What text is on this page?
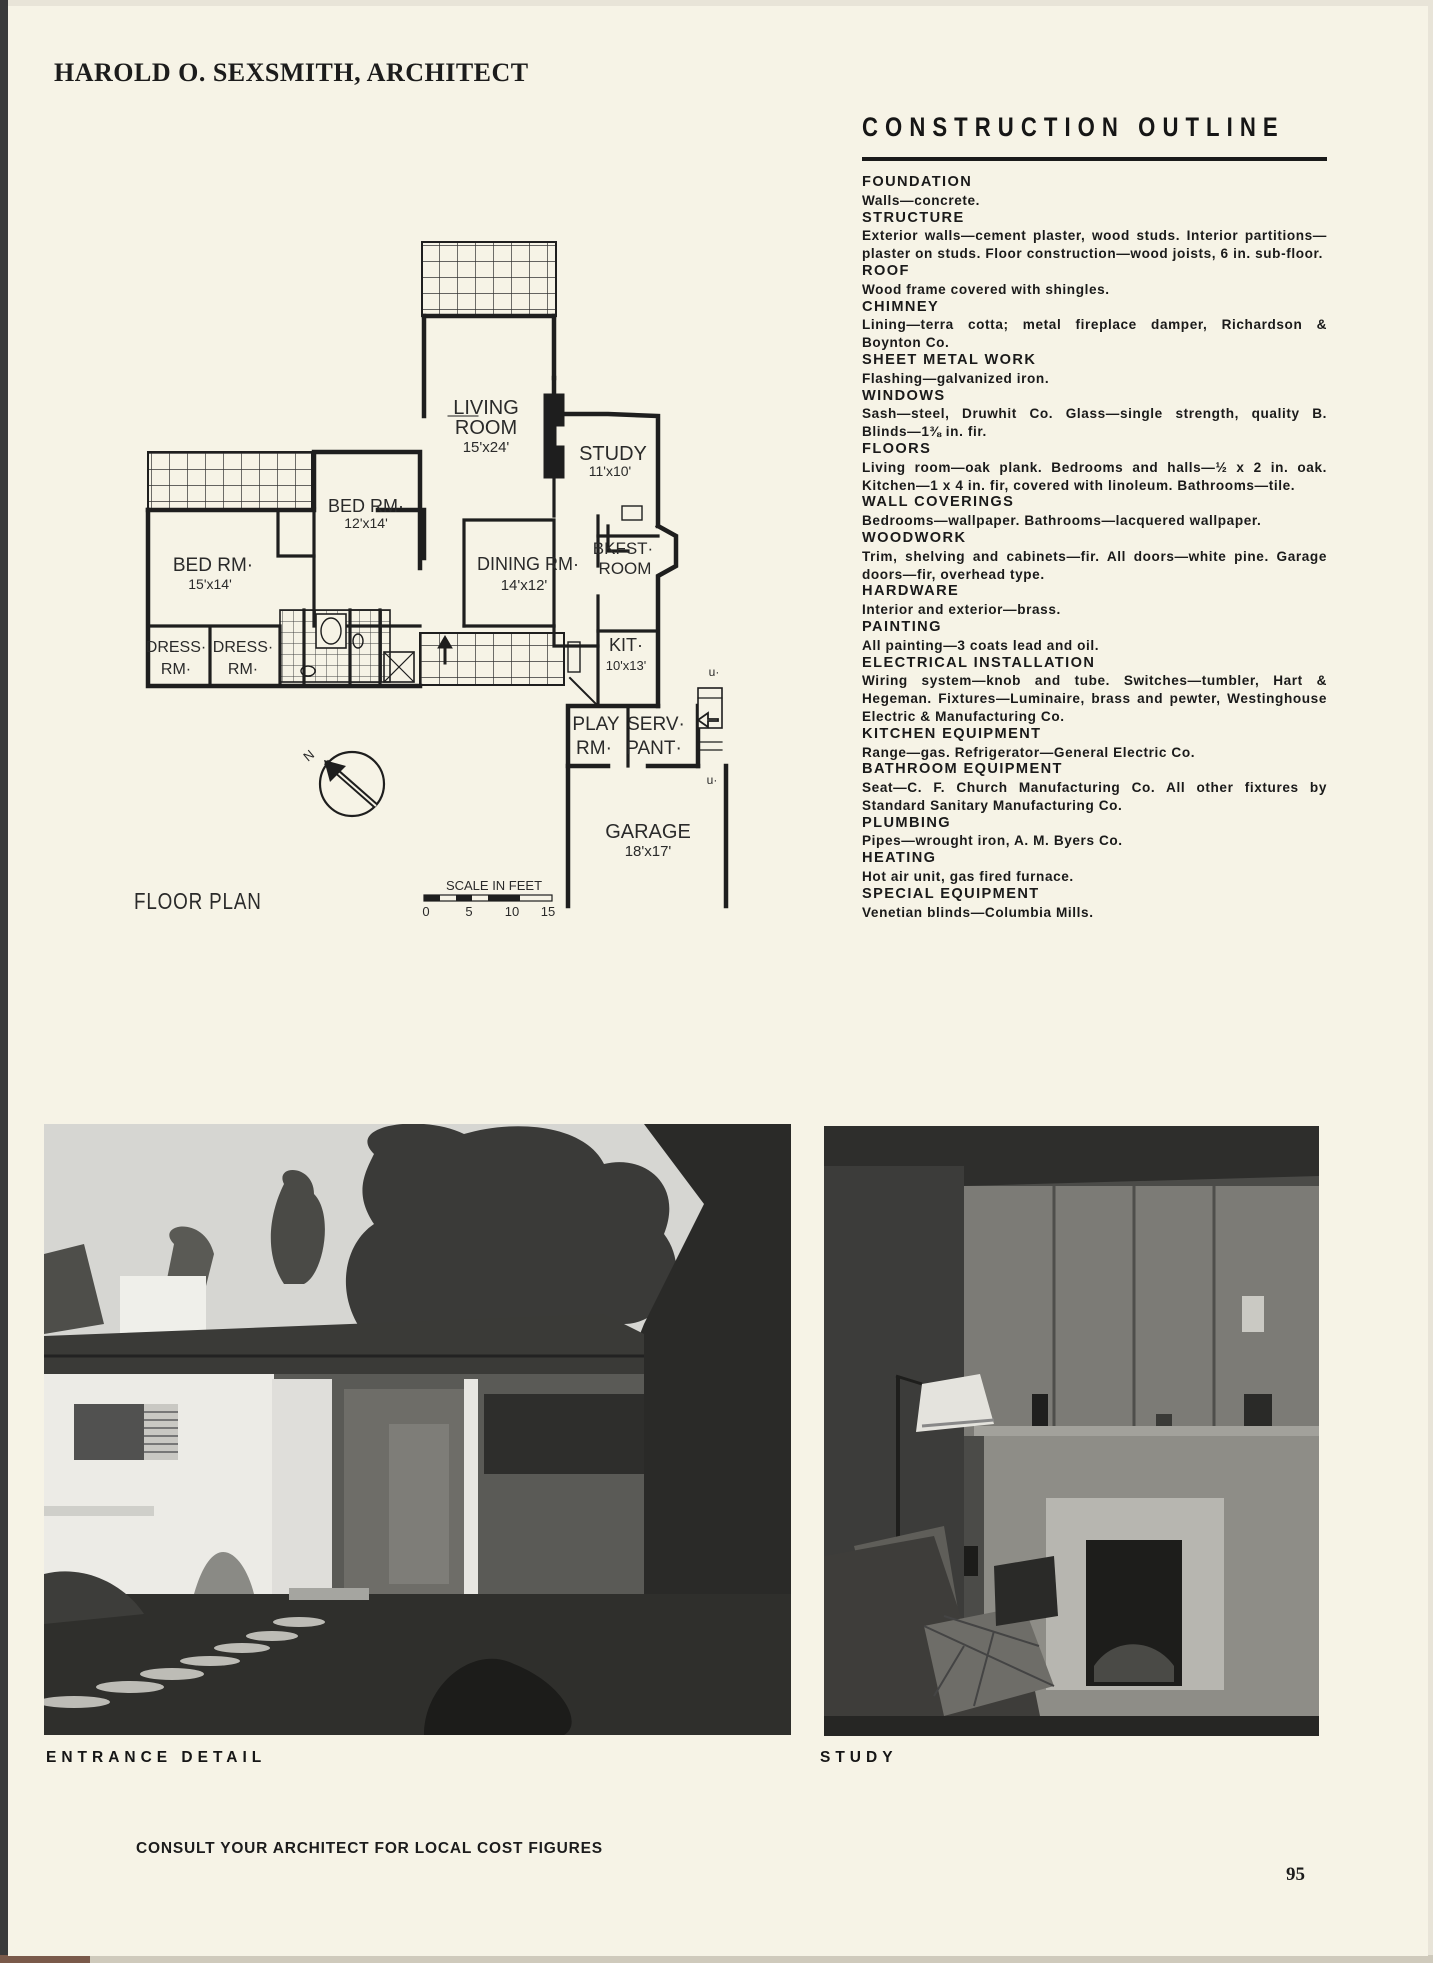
HAROLD O. SEXSMITH, ARCHITECT
CONSTRUCTION OUTLINE
FOUNDATION
Walls—concrete.
STRUCTURE
Exterior walls—cement plaster, wood studs. Interior partitions—plaster on studs. Floor construction—wood joists, 6 in. sub-floor.
ROOF
Wood frame covered with shingles.
CHIMNEY
Lining—terra cotta; metal fireplace damper, Richardson & Boynton Co.
SHEET METAL WORK
Flashing—galvanized iron.
WINDOWS
Sash—steel, Druwhit Co. Glass—single strength, quality B. Blinds—1⅜ in. fir.
FLOORS
Living room—oak plank. Bedrooms and halls—½ x 2 in. oak. Kitchen—1 x 4 in. fir, covered with linoleum. Bathrooms—tile.
WALL COVERINGS
Bedrooms—wallpaper. Bathrooms—lacquered wallpaper.
WOODWORK
Trim, shelving and cabinets—fir. All doors—white pine. Garage doors—fir, overhead type.
HARDWARE
Interior and exterior—brass.
PAINTING
All painting—3 coats lead and oil.
ELECTRICAL INSTALLATION
Wiring system—knob and tube. Switches—tumbler, Hart & Hegeman. Fixtures—Luminaire, brass and pewter, Westinghouse Electric & Manufacturing Co.
KITCHEN EQUIPMENT
Range—gas. Refrigerator—General Electric Co.
BATHROOM EQUIPMENT
Seat—C. F. Church Manufacturing Co. All other fixtures by Standard Sanitary Manufacturing Co.
PLUMBING
Pipes—wrought iron, A. M. Byers Co.
HEATING
Hot air unit, gas fired furnace.
SPECIAL EQUIPMENT
Venetian blinds—Columbia Mills.
LIVING
ROOM
15'x24'	STUDY
11'x10'
BED RM·
12'x14'
BED RM·
15'x14'
DINING RM·
14'x12'
BKFST·
ROOM
KIT·
10'x13'
DRESS·
RM·
DRESS·
RM·
PLAY
RM·
SERV·
PANT·
GARAGE
18'x17'
u·
u·
N
SCALE IN FEET
0	5 10 15
FLOOR PLAN
ENTRANCE DETAIL	STUDY
CONSULT YOUR ARCHITECT FOR LOCAL COST FIGURES
95
